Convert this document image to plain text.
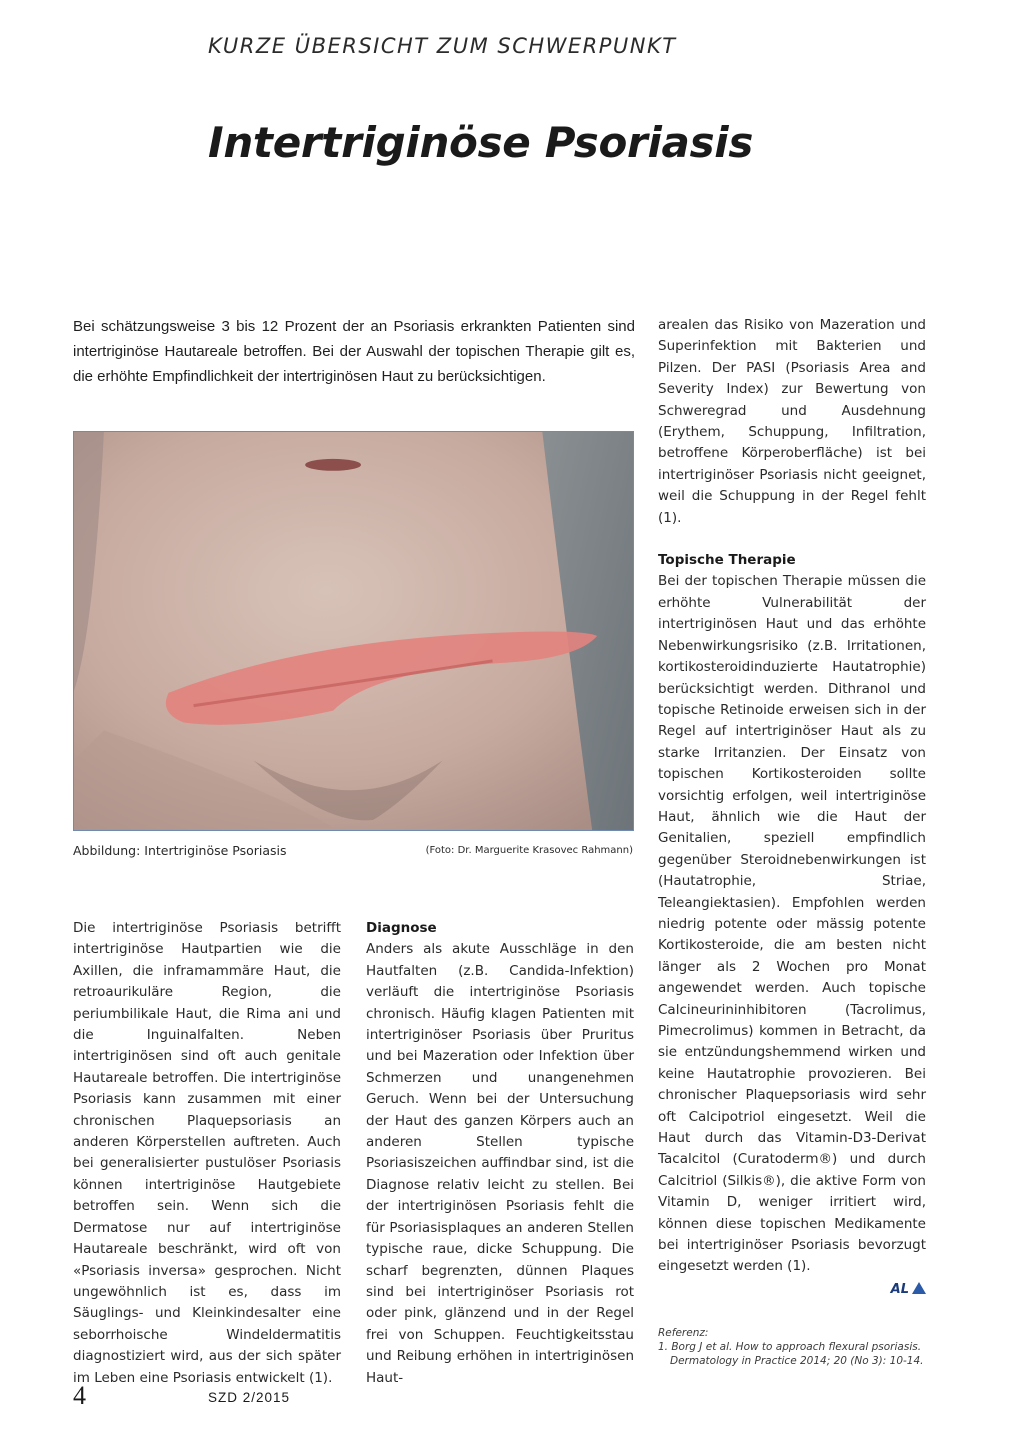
KURZE ÜBERSICHT ZUM SCHWERPUNKT
Intertriginöse Psoriasis

Bei schätzungsweise 3 bis 12 Prozent der an Psoriasis erkrankten Patienten sind intertriginöse Hautareale betroffen. Bei der Auswahl der topischen Therapie gilt es, die erhöhte Empfindlichkeit der intertriginösen Haut zu berücksichtigen.

Abbildung: Intertriginöse Psoriasis	(Foto: Dr. Marguerite Krasovec Rahmann)

Die intertriginöse Psoriasis betrifft intertriginöse Hautpartien wie die Axillen, die inframammäre Haut, die retroaurikuläre Region, die periumbilikale Haut, die Rima ani und die Inguinalfalten. Neben intertriginösen sind oft auch genitale Hautareale betroffen. Die intertriginöse Psoriasis kann zusammen mit einer chronischen Plaquepsoriasis an anderen Körperstellen auftreten. Auch bei generalisierter pustulöser Psoriasis können intertriginöse Hautgebiete betroffen sein. Wenn sich die Dermatose nur auf intertriginöse Hautareale beschränkt, wird oft von «Psoriasis inversa» gesprochen. Nicht ungewöhnlich ist es, dass im Säuglings- und Kleinkindesalter eine seborrhoische Windeldermatitis diagnostiziert wird, aus der sich später im Leben eine Psoriasis entwickelt (1).

Diagnose

Anders als akute Ausschläge in den Hautfalten (z.B. Candida-Infektion) verläuft die intertriginöse Psoriasis chronisch. Häufig klagen Patienten mit intertriginöser Psoriasis über Pruritus und bei Mazeration oder Infektion über Schmerzen und unangenehmen Geruch. Wenn bei der Untersuchung der Haut des ganzen Körpers auch an anderen Stellen typische Psoriasiszeichen auffindbar sind, ist die Diagnose relativ leicht zu stellen. Bei der intertriginösen Psoriasis fehlt die für Psoriasisplaques an anderen Stellen typische raue, dicke Schuppung. Die scharf begrenzten, dünnen Plaques sind bei intertriginöser Psoriasis rot oder pink, glänzend und in der Regel frei von Schuppen. Feuchtigkeitsstau und Reibung erhöhen in intertriginösen Haut-

arealen das Risiko von Mazeration und Superinfektion mit Bakterien und Pilzen. Der PASI (Psoriasis Area and Severity Index) zur Bewertung von Schweregrad und Ausdehnung (Erythem, Schuppung, Infiltration, betroffene Körperoberfläche) ist bei intertriginöser Psoriasis nicht geeignet, weil die Schuppung in der Regel fehlt (1).

Topische Therapie

Bei der topischen Therapie müssen die erhöhte Vulnerabilität der intertriginösen Haut und das erhöhte Nebenwirkungsrisiko (z.B. Irritationen, kortikosteroidinduzierte Hautatrophie) berücksichtigt werden. Dithranol und topische Retinoide erweisen sich in der Regel auf intertriginöser Haut als zu starke Irritanzien. Der Einsatz von topischen Kortikosteroiden sollte vorsichtig erfolgen, weil intertriginöse Haut, ähnlich wie die Haut der Genitalien, speziell empfindlich gegenüber Steroidnebenwirkungen ist (Hautatrophie, Striae, Teleangiektasien). Empfohlen werden niedrig potente oder mässig potente Kortikosteroide, die am besten nicht länger als 2 Wochen pro Monat angewendet werden. Auch topische Calcineurininhibitoren (Tacrolimus, Pimecrolimus) kommen in Betracht, da sie entzündungshemmend wirken und keine Hautatrophie provozieren. Bei chronischer Plaquepsoriasis wird sehr oft Calcipotriol eingesetzt. Weil die Haut durch das Vitamin-D3-Derivat Tacalcitol (Curatoderm®) und durch Calcitriol (Silkis®), die aktive Form von Vitamin D, weniger irritiert wird, können diese topischen Medikamente bei intertriginöser Psoriasis bevorzugt eingesetzt werden (1).

AL
Referenz:
1. Borg J et al. How to approach flexural psoriasis. Dermatology in Practice 2014; 20 (No 3): 10-14.
4	SZD 2/2015
